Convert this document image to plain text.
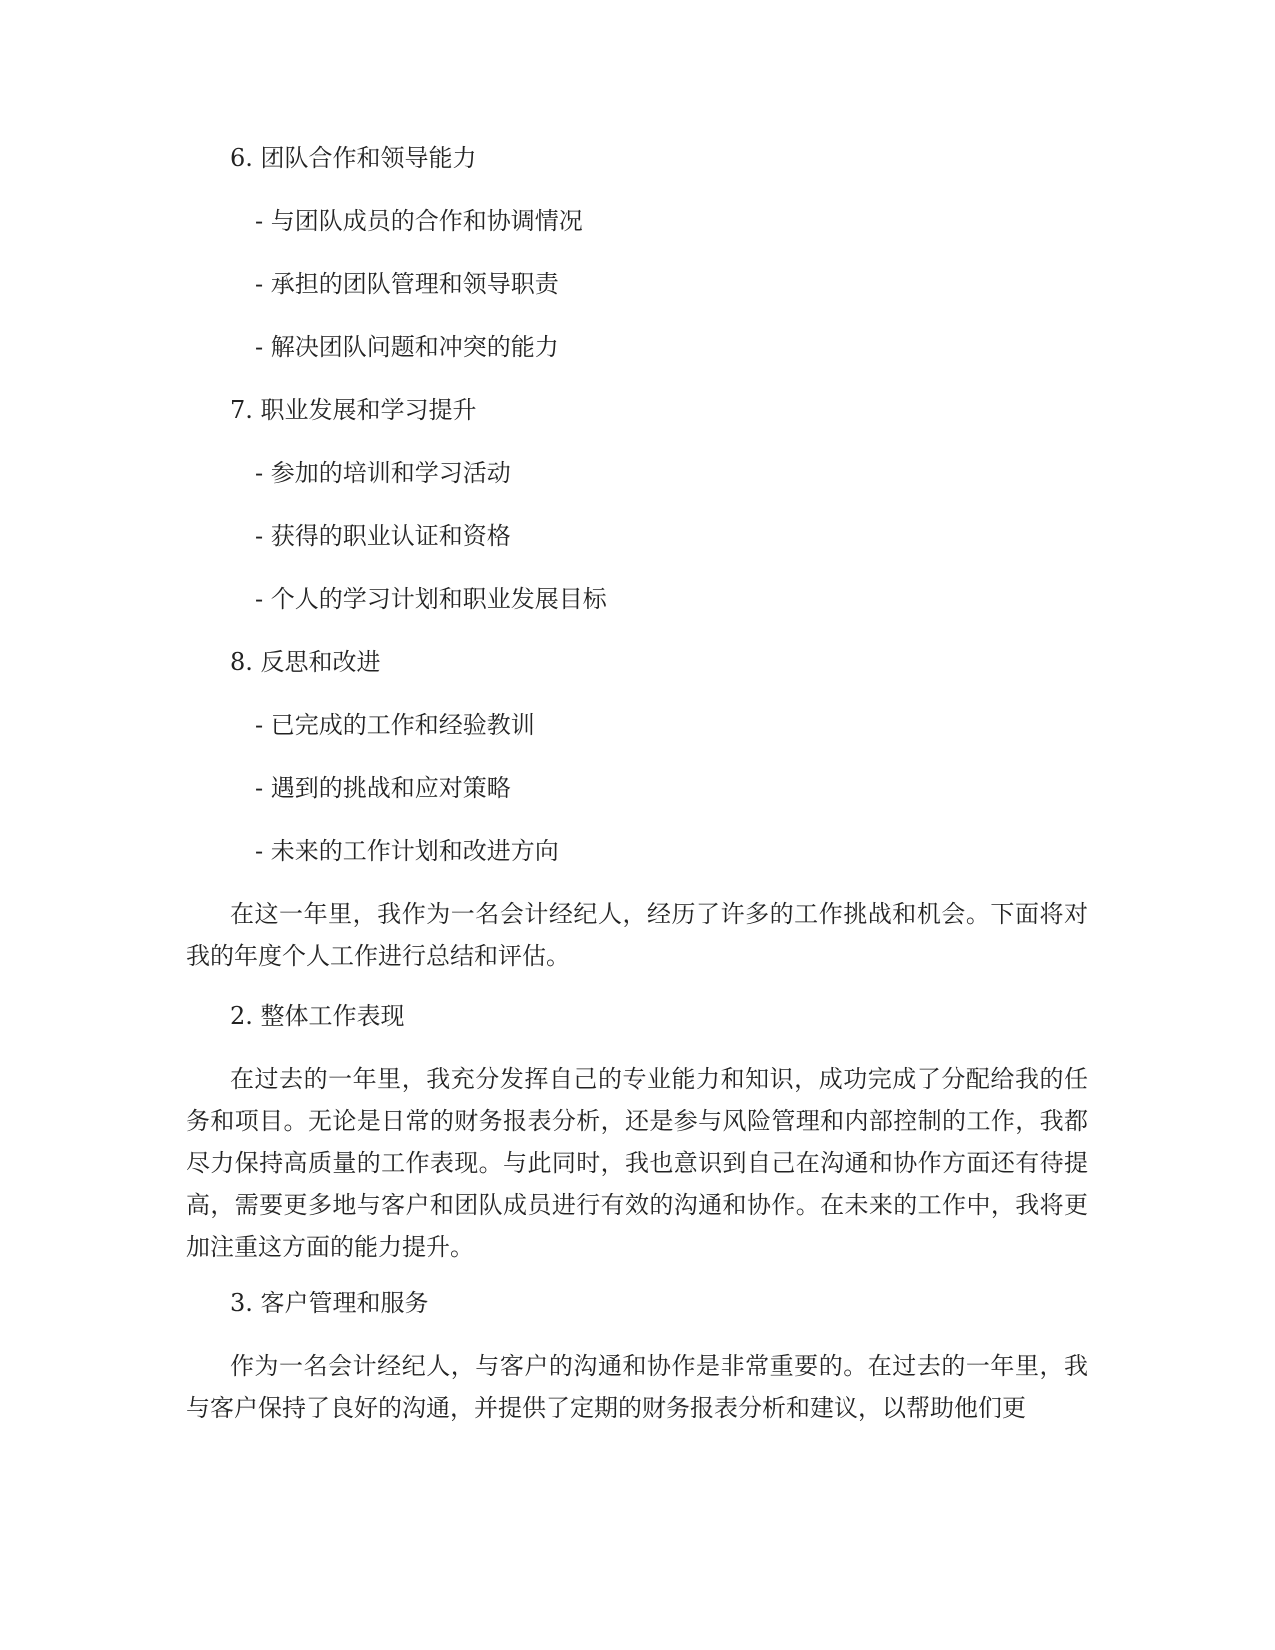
6. 团队合作和领导能力

- 与团队成员的合作和协调情况

- 承担的团队管理和领导职责

- 解决团队问题和冲突的能力

7. 职业发展和学习提升

- 参加的培训和学习活动

- 获得的职业认证和资格

- 个人的学习计划和职业发展目标

8. 反思和改进

- 已完成的工作和经验教训

- 遇到的挑战和应对策略

- 未来的工作计划和改进方向

在这一年里，我作为一名会计经纪人，经历了许多的工作挑战和机会。下面将对我的年度个人工作进行总结和评估。

2. 整体工作表现

在过去的一年里，我充分发挥自己的专业能力和知识，成功完成了分配给我的任务和项目。无论是日常的财务报表分析，还是参与风险管理和内部控制的工作，我都尽力保持高质量的工作表现。与此同时，我也意识到自己在沟通和协作方面还有待提高，需要更多地与客户和团队成员进行有效的沟通和协作。在未来的工作中，我将更加注重这方面的能力提升。

3. 客户管理和服务

作为一名会计经纪人，与客户的沟通和协作是非常重要的。在过去的一年里，我与客户保持了良好的沟通，并提供了定期的财务报表分析和建议，以帮助他们更
